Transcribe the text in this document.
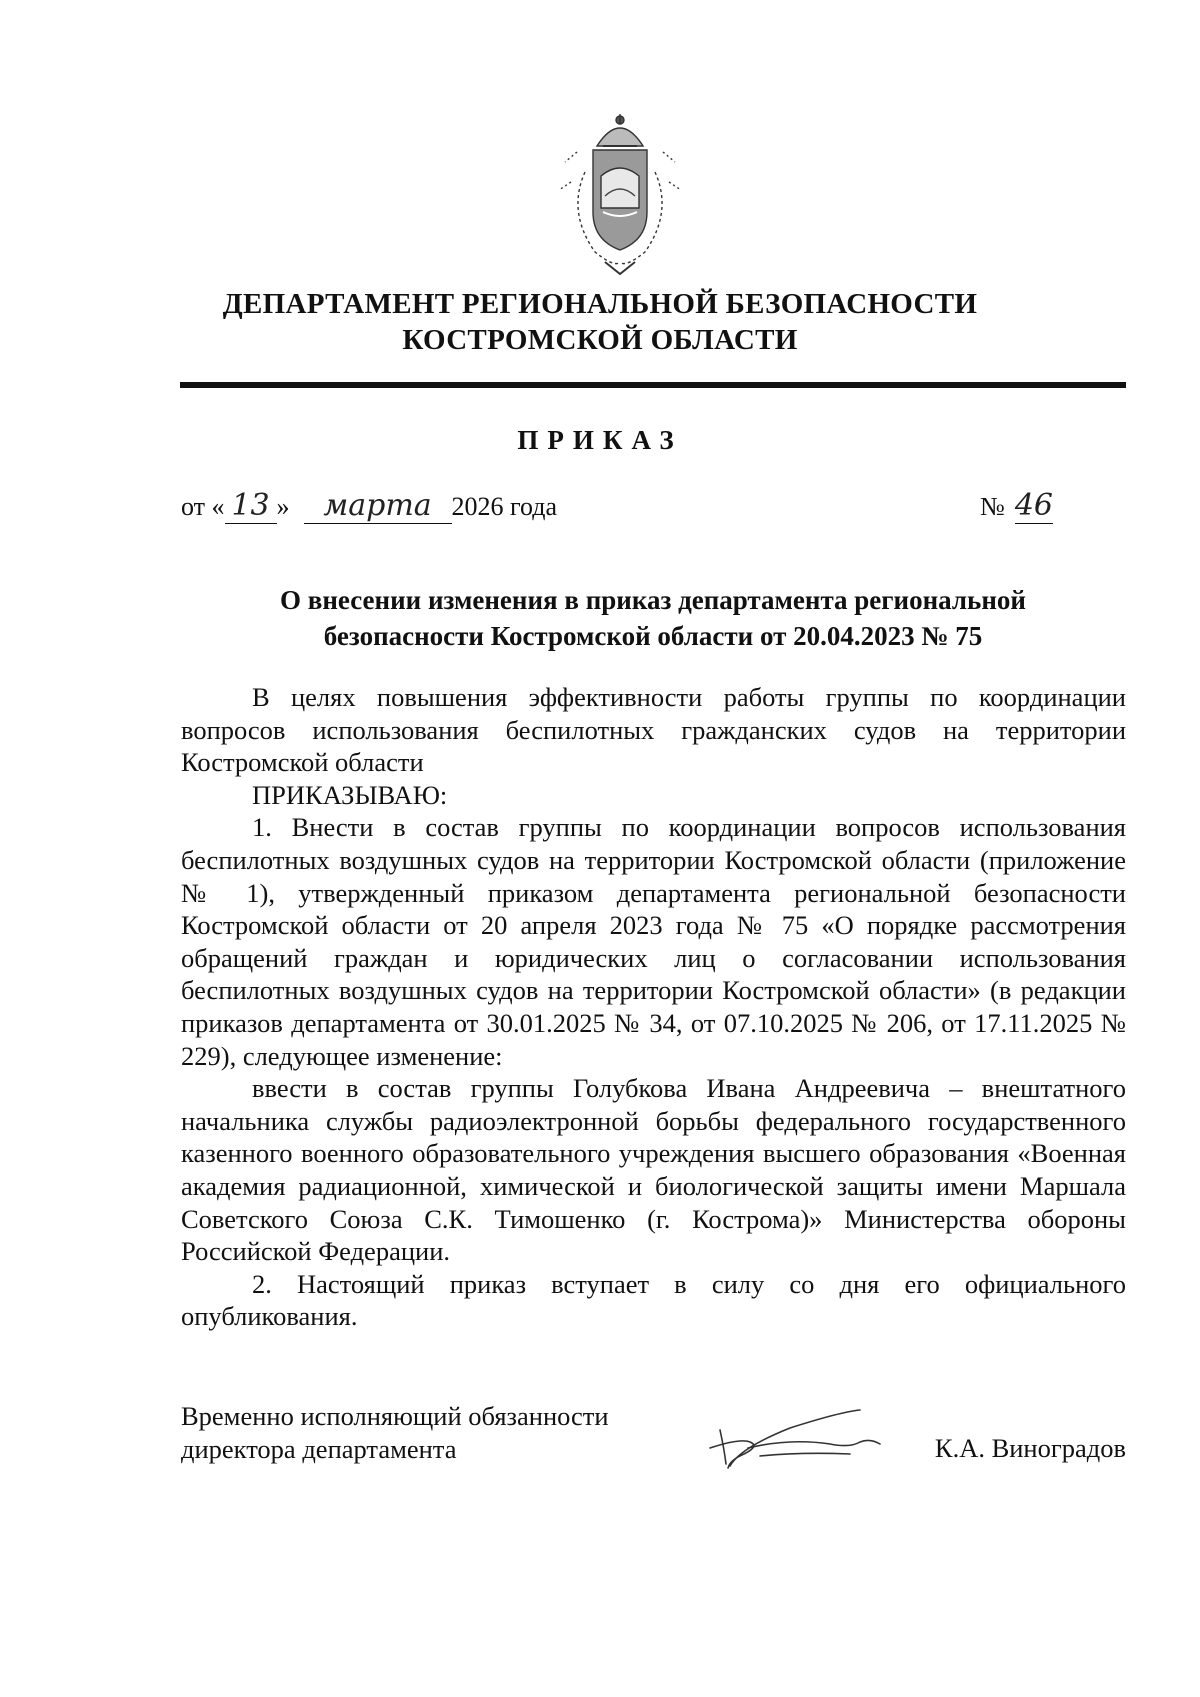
ДЕПАРТАМЕНТ РЕГИОНАЛЬНОЙ БЕЗОПАСНОСТИ
КОСТРОМСКОЙ ОБЛАСТИ
ПРИКАЗ
от « 13 » марта 2026 года	№ 46
О внесении изменения в приказ департамента региональной
безопасности Костромской области от 20.04.2023 № 75

В целях повышения эффективности работы группы по координации вопросов использования беспилотных гражданских судов на территории Костромской области

ПРИКАЗЫВАЮ:

1. Внести в состав группы по координации вопросов использования беспилотных воздушных судов на территории Костромской области (приложение № 1), утвержденный приказом департамента региональной безопасности Костромской области от 20 апреля 2023 года № 75 «О порядке рассмотрения обращений граждан и юридических лиц о согласовании использования беспилотных воздушных судов на территории Костромской области» (в редакции приказов департамента от 30.01.2025 № 34, от 07.10.2025 № 206, от 17.11.2025 № 229), следующее изменение:

ввести в состав группы Голубкова Ивана Андреевича – внештатного начальника службы радиоэлектронной борьбы федерального государственного казенного военного образовательного учреждения высшего образования «Военная академия радиационной, химической и биологической защиты имени Маршала Советского Союза С.К. Тимошенко (г. Кострома)» Министерства обороны Российской Федерации.

2. Настоящий приказ вступает в силу со дня его официального опубликования.

Временно исполняющий обязанности
директора департамента	К.А. Виноградов
